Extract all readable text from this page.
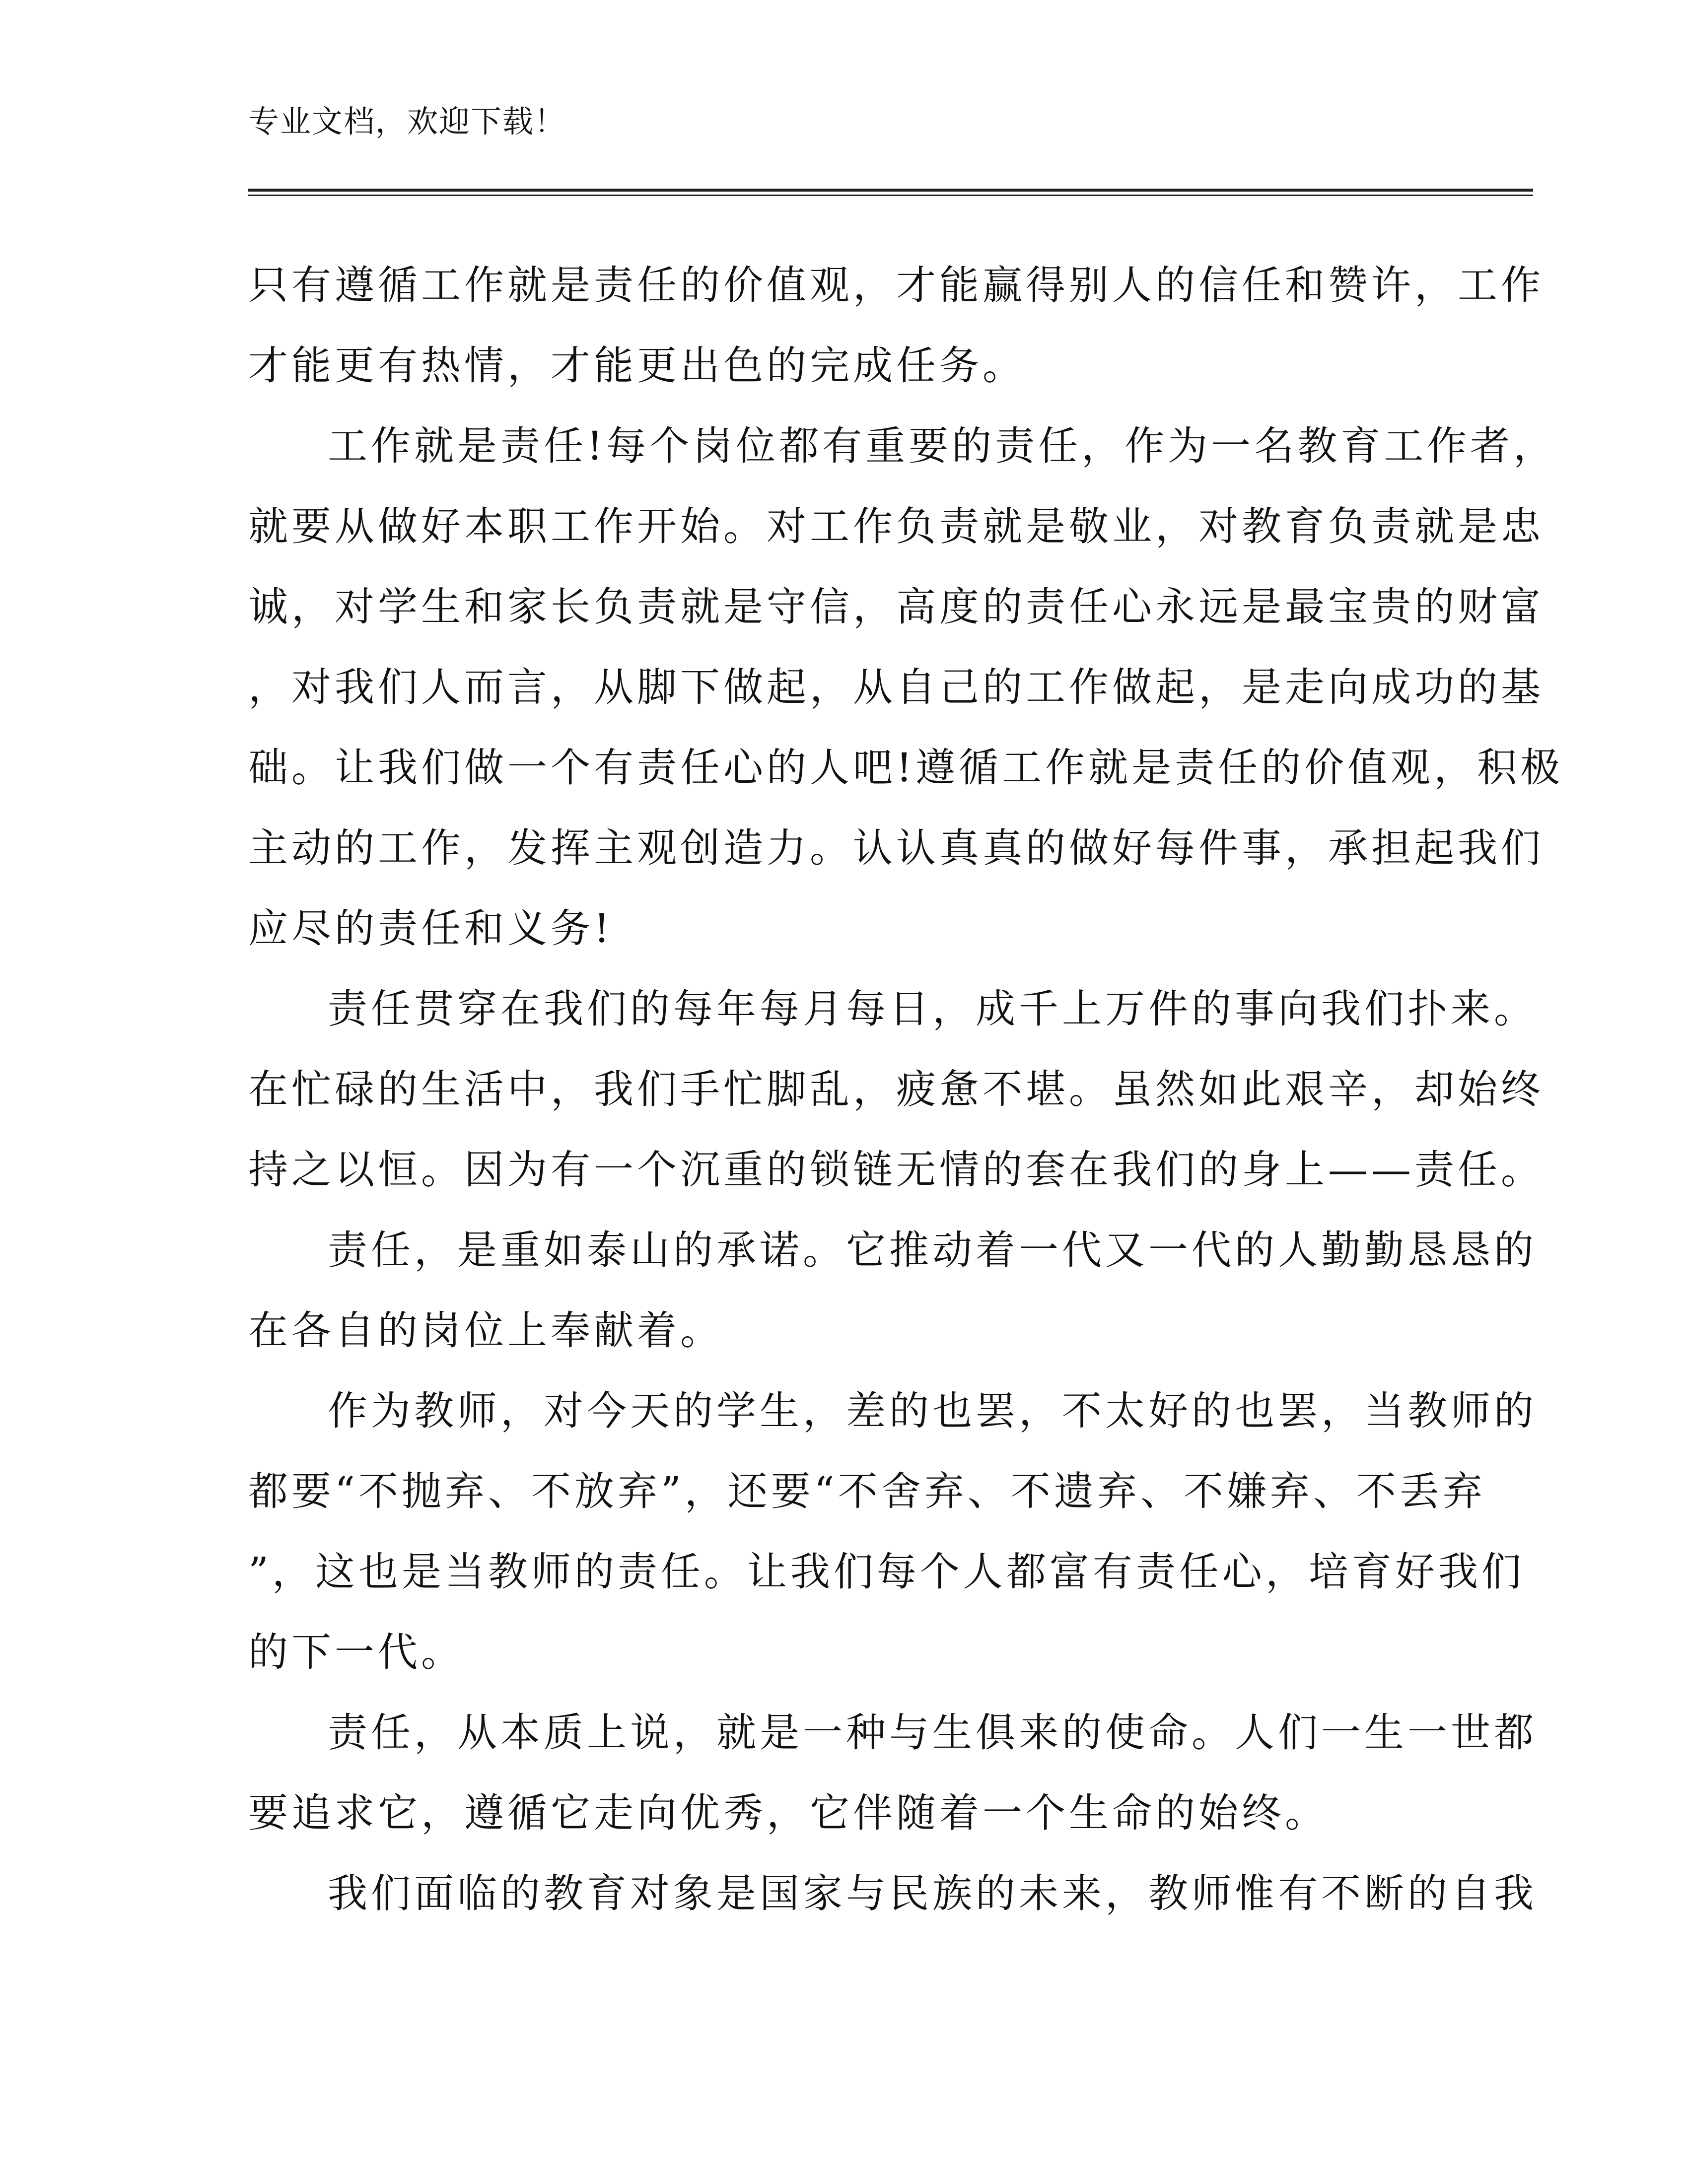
专业文档，欢迎下载！
只有遵循工作就是责任的价值观，才能赢得别人的信任和赞许，工作
才能更有热情，才能更出色的完成任务。
工作就是责任!每个岗位都有重要的责任，作为一名教育工作者，
就要从做好本职工作开始。对工作负责就是敬业，对教育负责就是忠
诚，对学生和家长负责就是守信，高度的责任心永远是最宝贵的财富
，对我们人而言，从脚下做起，从自己的工作做起，是走向成功的基
础。让我们做一个有责任心的人吧!遵循工作就是责任的价值观，积极
主动的工作，发挥主观创造力。认认真真的做好每件事，承担起我们
应尽的责任和义务!
责任贯穿在我们的每年每月每日，成千上万件的事向我们扑来。
在忙碌的生活中，我们手忙脚乱，疲惫不堪。虽然如此艰辛，却始终
持之以恒。因为有一个沉重的锁链无情的套在我们的身上——责任。
责任，是重如泰山的承诺。它推动着一代又一代的人勤勤恳恳的
在各自的岗位上奉献着。
作为教师，对今天的学生，差的也罢，不太好的也罢，当教师的
都要“不抛弃、不放弃”，还要“不舍弃、不遗弃、不嫌弃、不丢弃
”，这也是当教师的责任。让我们每个人都富有责任心，培育好我们
的下一代。
责任，从本质上说，就是一种与生俱来的使命。人们一生一世都
要追求它，遵循它走向优秀，它伴随着一个生命的始终。
我们面临的教育对象是国家与民族的未来，教师惟有不断的自我
